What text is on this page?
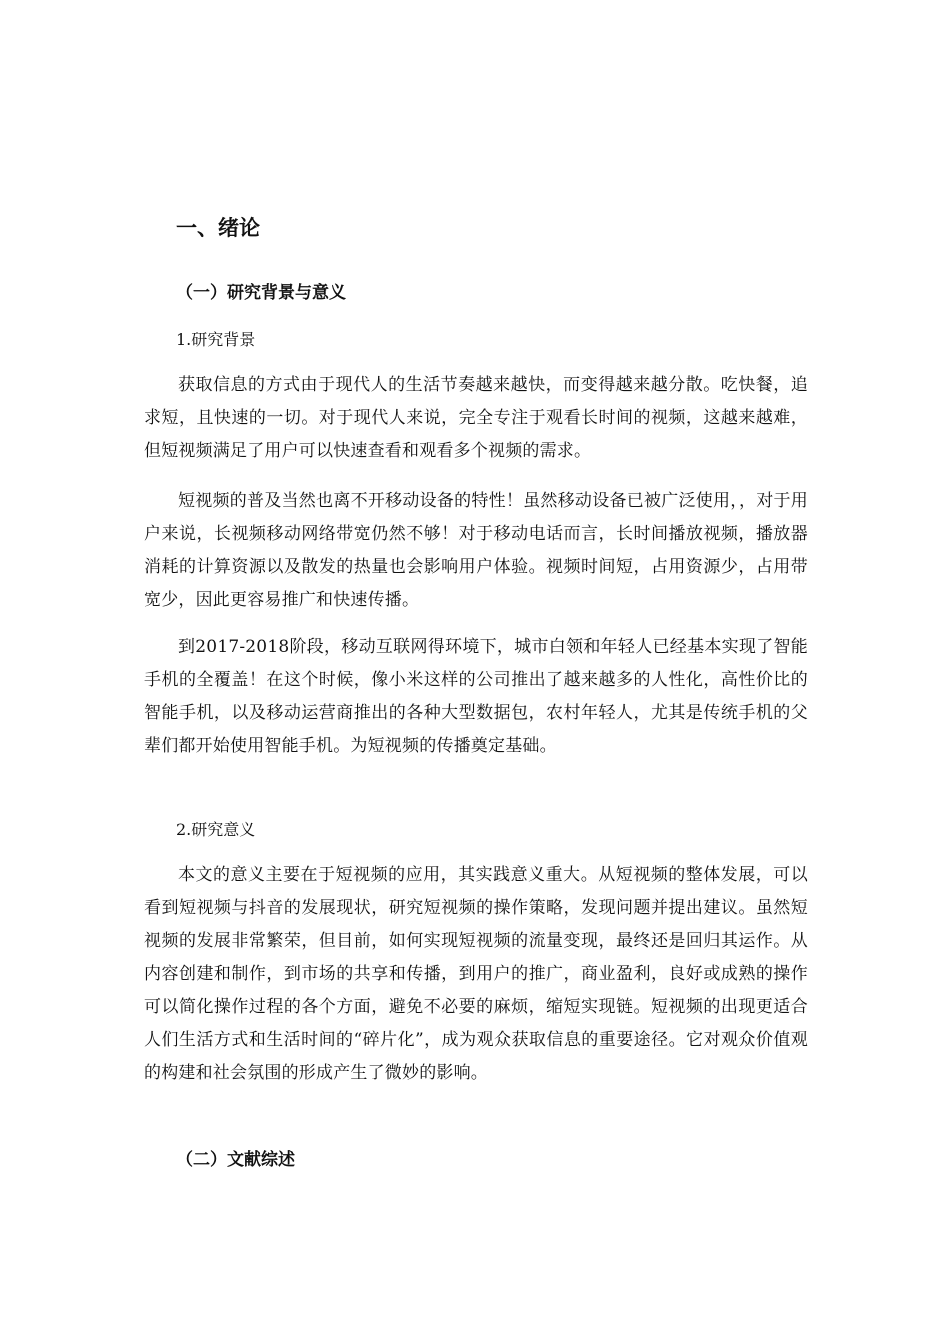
一、绪论
（一）研究背景与意义
1.研究背景
获取信息的方式由于现代人的生活节奏越来越快，而变得越来越分散。吃快餐，追求短，且快速的一切。对于现代人来说，完全专注于观看长时间的视频，这越来越难，但短视频满足了用户可以快速查看和观看多个视频的需求。
短视频的普及当然也离不开移动设备的特性！虽然移动设备已被广泛使用，，对于用户来说，长视频移动网络带宽仍然不够！对于移动电话而言，长时间播放视频，播放器消耗的计算资源以及散发的热量也会影响用户体验。视频时间短，占用资源少，占用带宽少，因此更容易推广和快速传播。
到2017-2018阶段，移动互联网得环境下，城市白领和年轻人已经基本实现了智能手机的全覆盖！在这个时候，像小米这样的公司推出了越来越多的人性化，高性价比的智能手机，以及移动运营商推出的各种大型数据包，农村年轻人，尤其是传统手机的父辈们都开始使用智能手机。为短视频的传播奠定基础。
2.研究意义
本文的意义主要在于短视频的应用，其实践意义重大。从短视频的整体发展，可以看到短视频与抖音的发展现状，研究短视频的操作策略，发现问题并提出建议。虽然短视频的发展非常繁荣，但目前，如何实现短视频的流量变现，最终还是回归其运作。从内容创建和制作，到市场的共享和传播，到用户的推广，商业盈利，良好或成熟的操作可以简化操作过程的各个方面，避免不必要的麻烦，缩短实现链。短视频的出现更适合人们生活方式和生活时间的“碎片化”，成为观众获取信息的重要途径。它对观众价值观的构建和社会氛围的形成产生了微妙的影响。
（二）文献综述
